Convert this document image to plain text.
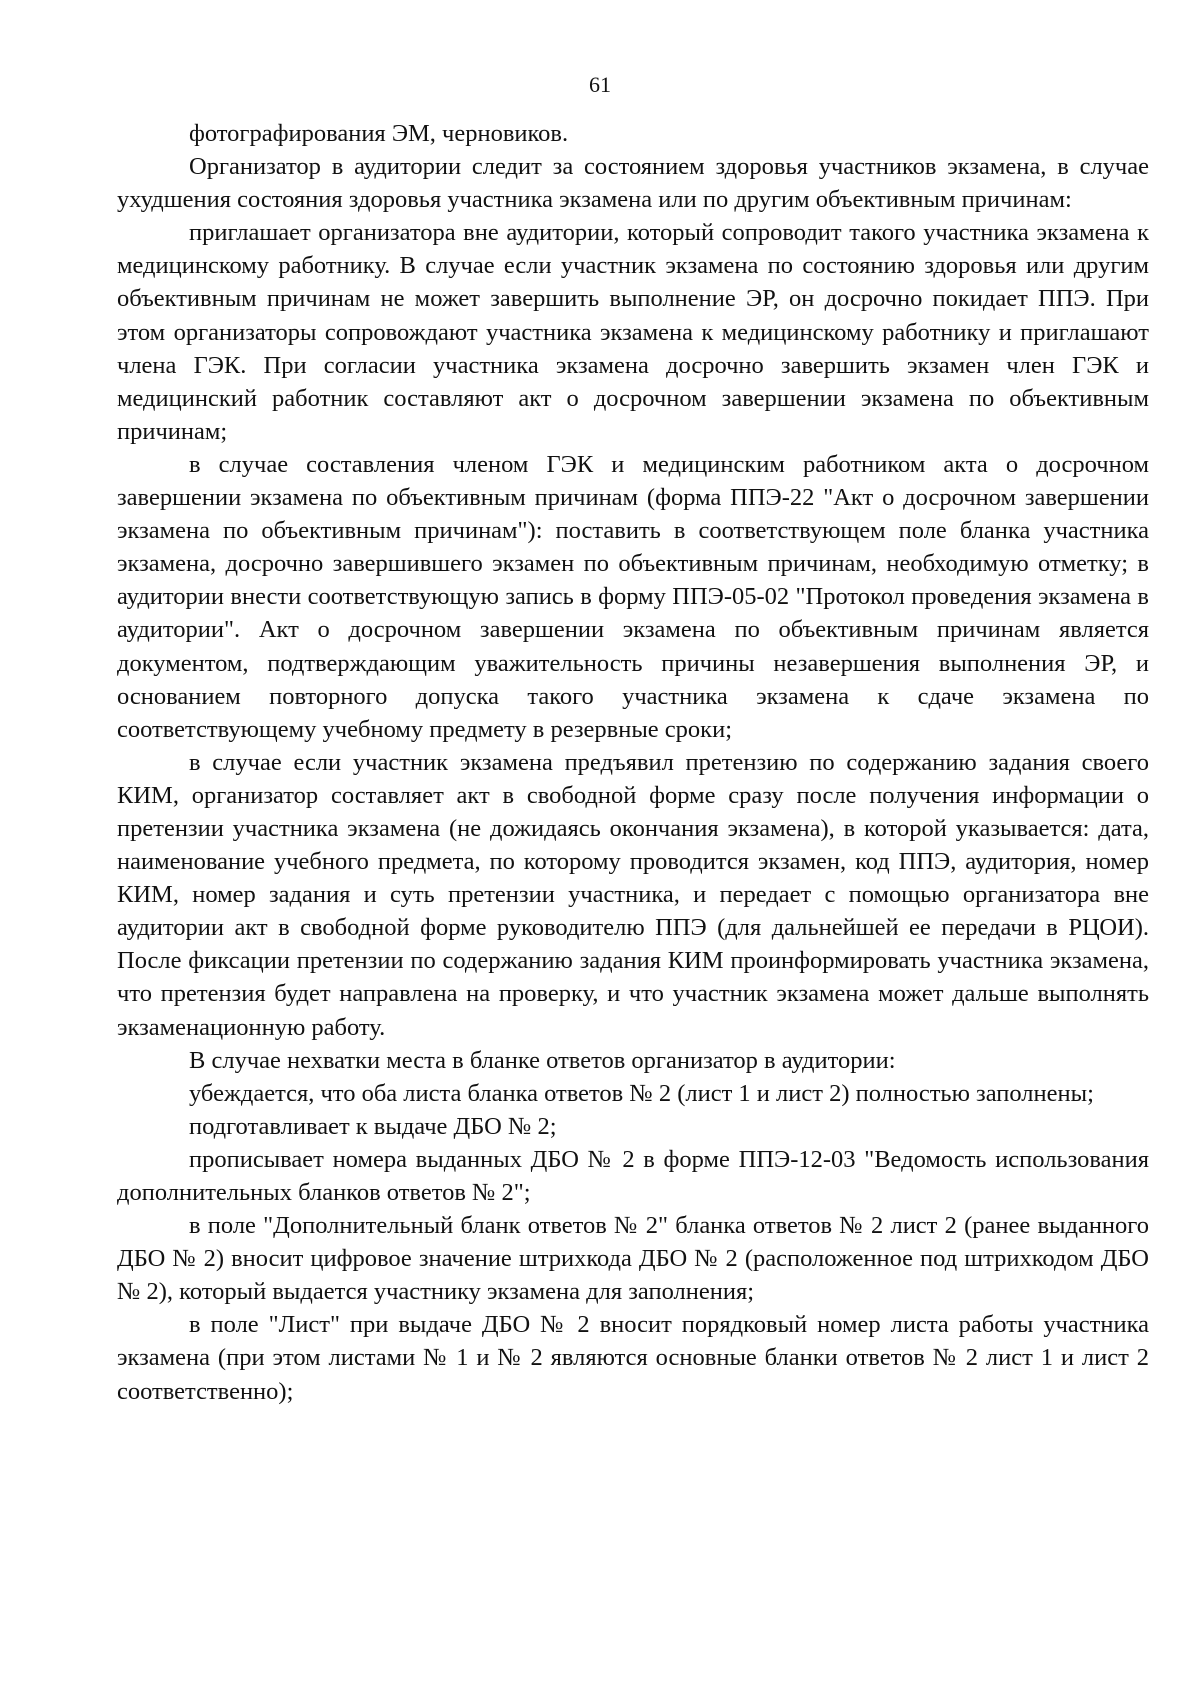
61

фотографирования ЭМ, черновиков.

Организатор в аудитории следит за состоянием здоровья участников экзамена, в случае ухудшения состояния здоровья участника экзамена или по другим объективным причинам:

приглашает организатора вне аудитории, который сопроводит такого участника экзамена к медицинскому работнику. В случае если участник экзамена по состоянию здоровья или другим объективным причинам не может завершить выполнение ЭР, он досрочно покидает ППЭ. При этом организаторы сопровождают участника экзамена к медицинскому работнику и приглашают члена ГЭК. При согласии участника экзамена досрочно завершить экзамен член ГЭК и медицинский работник составляют акт о досрочном завершении экзамена по объективным причинам;

в случае составления членом ГЭК и медицинским работником акта о досрочном завершении экзамена по объективным причинам (форма ППЭ-22 "Акт о досрочном завершении экзамена по объективным причинам"): поставить в соответствующем поле бланка участника экзамена, досрочно завершившего экзамен по объективным причинам, необходимую отметку; в аудитории внести соответствующую запись в форму ППЭ-05-02 "Протокол проведения экзамена в аудитории". Акт о досрочном завершении экзамена по объективным причинам является документом, подтверждающим уважительность причины незавершения выполнения ЭР, и основанием повторного допуска такого участника экзамена к сдаче экзамена по соответствующему учебному предмету в резервные сроки;

в случае если участник экзамена предъявил претензию по содержанию задания своего КИМ, организатор составляет акт в свободной форме сразу после получения информации о претензии участника экзамена (не дожидаясь окончания экзамена), в которой указывается: дата, наименование учебного предмета, по которому проводится экзамен, код ППЭ, аудитория, номер КИМ, номер задания и суть претензии участника, и передает с помощью организатора вне аудитории акт в свободной форме руководителю ППЭ (для дальнейшей ее передачи в РЦОИ). После фиксации претензии по содержанию задания КИМ проинформировать участника экзамена, что претензия будет направлена на проверку, и что участник экзамена может дальше выполнять экзаменационную работу.

В случае нехватки места в бланке ответов организатор в аудитории:

убеждается, что оба листа бланка ответов № 2 (лист 1 и лист 2) полностью заполнены;

подготавливает к выдаче ДБО № 2;

прописывает номера выданных ДБО № 2 в форме ППЭ-12-03 "Ведомость использования дополнительных бланков ответов № 2";

в поле "Дополнительный бланк ответов № 2" бланка ответов № 2 лист 2 (ранее выданного ДБО № 2) вносит цифровое значение штрихкода ДБО № 2 (расположенное под штрихкодом ДБО № 2), который выдается участнику экзамена для заполнения;

в поле "Лист" при выдаче ДБО № 2 вносит порядковый номер листа работы участника экзамена (при этом листами № 1 и № 2 являются основные бланки ответов № 2 лист 1 и лист 2 соответственно);
